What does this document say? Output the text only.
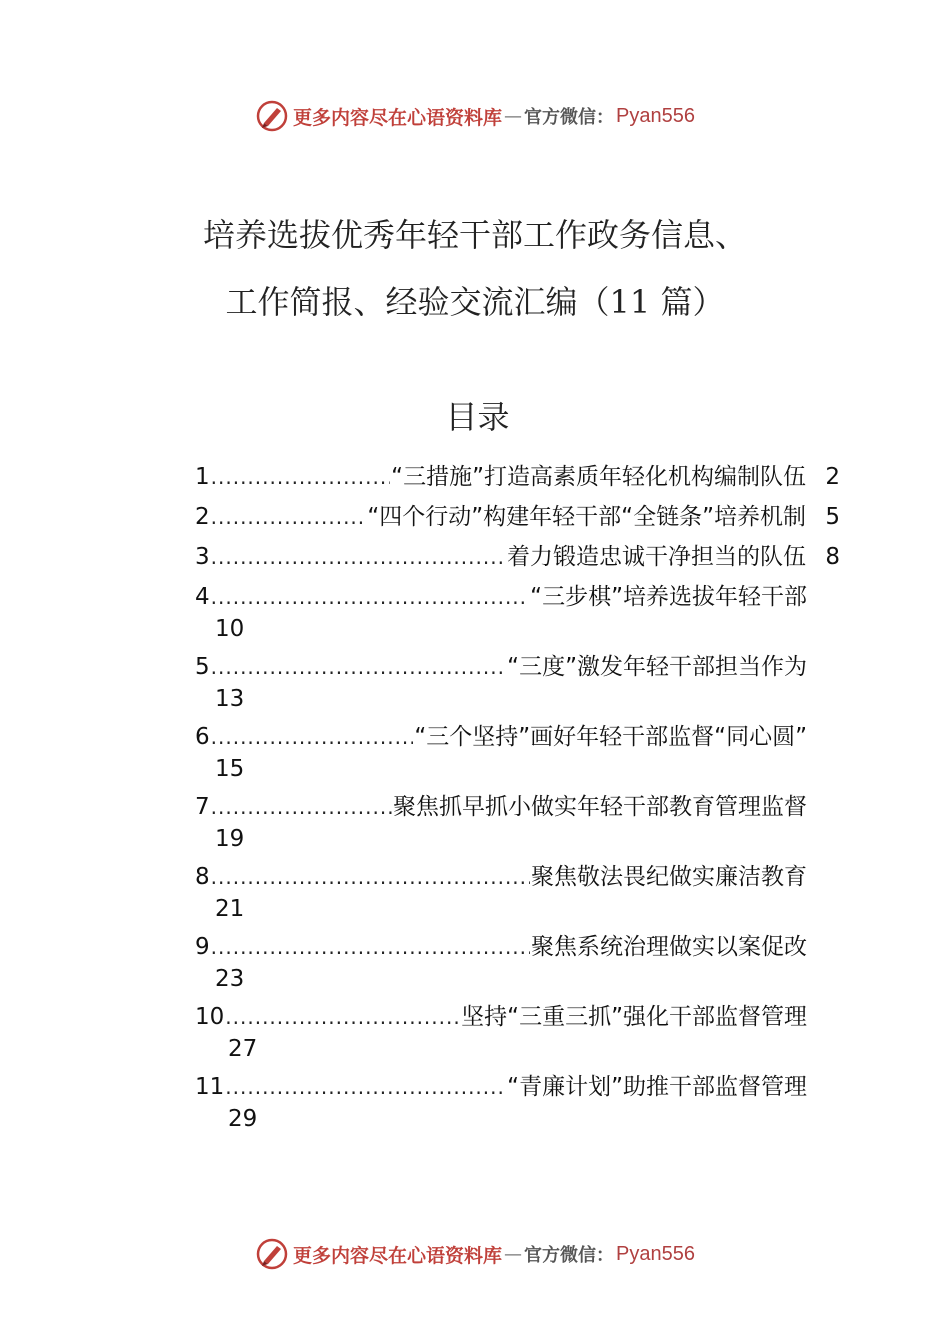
更多内容尽在心语资料库 — 官方微信： Pyan556
培养选拔优秀年轻干部工作政务信息、
工作简报、经验交流汇编（11 篇）
目录
1 .....	“三措施”打造高素质年轻化机构编制队伍 2
2 .....	“四个行动”构建年轻干部“全链条”培养机制 5
3 .....	着力锻造忠诚干净担当的队伍 8
4 .....	“三步棋”培养选拔年轻干部
10
5 .....	“三度”激发年轻干部担当作为
13
6 .....	“三个坚持”画好年轻干部监督“同心圆”
15
7 .....	聚焦抓早抓小做实年轻干部教育管理监督
19
8 .....	聚焦敬法畏纪做实廉洁教育
21
9 .....	聚焦系统治理做实以案促改
23
10 .....	坚持“三重三抓”强化干部监督管理
27
11 .....	“青廉计划”助推干部监督管理
29
更多内容尽在心语资料库 — 官方微信： Pyan556
